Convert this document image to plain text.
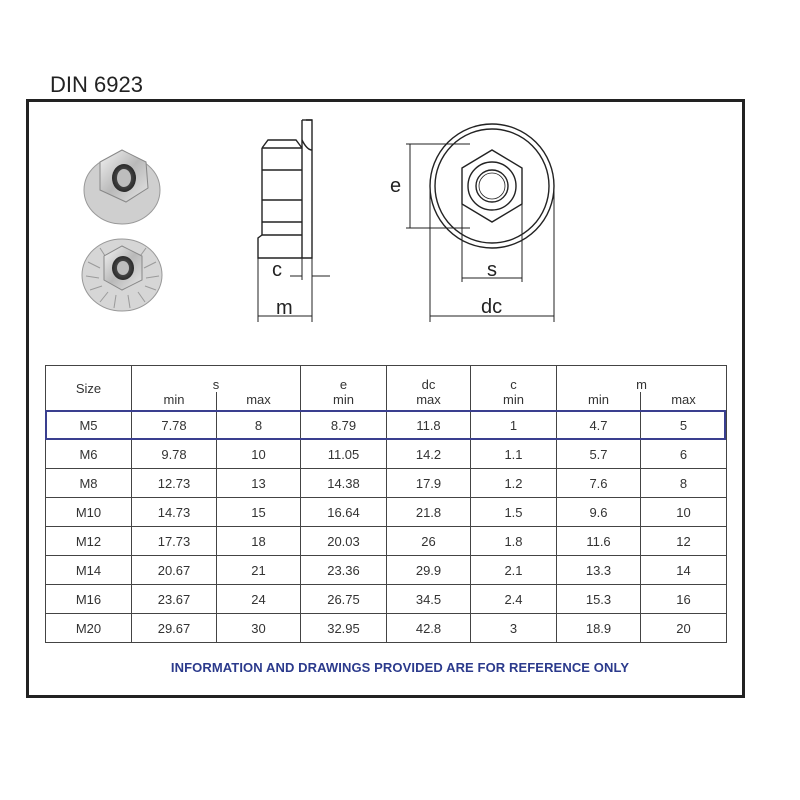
DIN 6923
c
m
e
s
dc
Size	s		e	dc	c	m	
	min	max	min	max	min	min	max
M5	7.78	8	8.79	11.8	1	4.7	5
M6	9.78	10	11.05	14.2	1.1	5.7	6
M8	12.73	13	14.38	17.9	1.2	7.6	8
M10	14.73	15	16.64	21.8	1.5	9.6	10
M12	17.73	18	20.03	26	1.8	11.6	12
M14	20.67	21	23.36	29.9	2.1	13.3	14
M16	23.67	24	26.75	34.5	2.4	15.3	16
M20	29.67	30	32.95	42.8	3	18.9	20
INFORMATION AND DRAWINGS PROVIDED ARE FOR REFERENCE ONLY
